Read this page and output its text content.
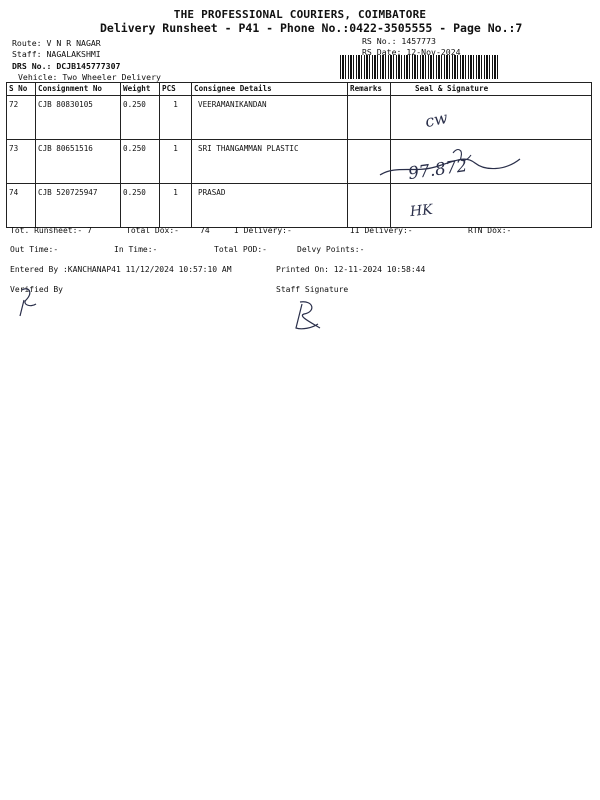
THE PROFESSIONAL COURIERS, COIMBATORE
Delivery Runsheet - P41 - Phone No.:0422-3505555 - Page No.:7
Route: V N R NAGAR
Staff: NAGALAKSHMI
DRS No.: DCJB145777307
Vehicle: Two Wheeler Delivery
RS No.: 1457773
RS Date: 12-Nov-2024
S No	Consignment No	Weight	PCS	Consignee Details	Remarks	Seal & Signature
72	CJB 80830105	0.250	1	VEERAMANIKANDAN		
73	CJB 80651516	0.250	1	SRI THANGAMMAN PLASTIC		
74	CJB 520725947	0.250	1	PRASAD		
cw
97.872
HK
Tot. Runsheet:- 7	Total Dox:-	74	I Delivery:-	II Delivery:-	RTN Dox:-
Out Time:-	In Time:-	Total POD:-	Delvy Points:-
Entered By :KANCHANAP41 11/12/2024 10:57:10 AM	Printed On: 12-11-2024 10:58:44
Verified By	Staff Signature
